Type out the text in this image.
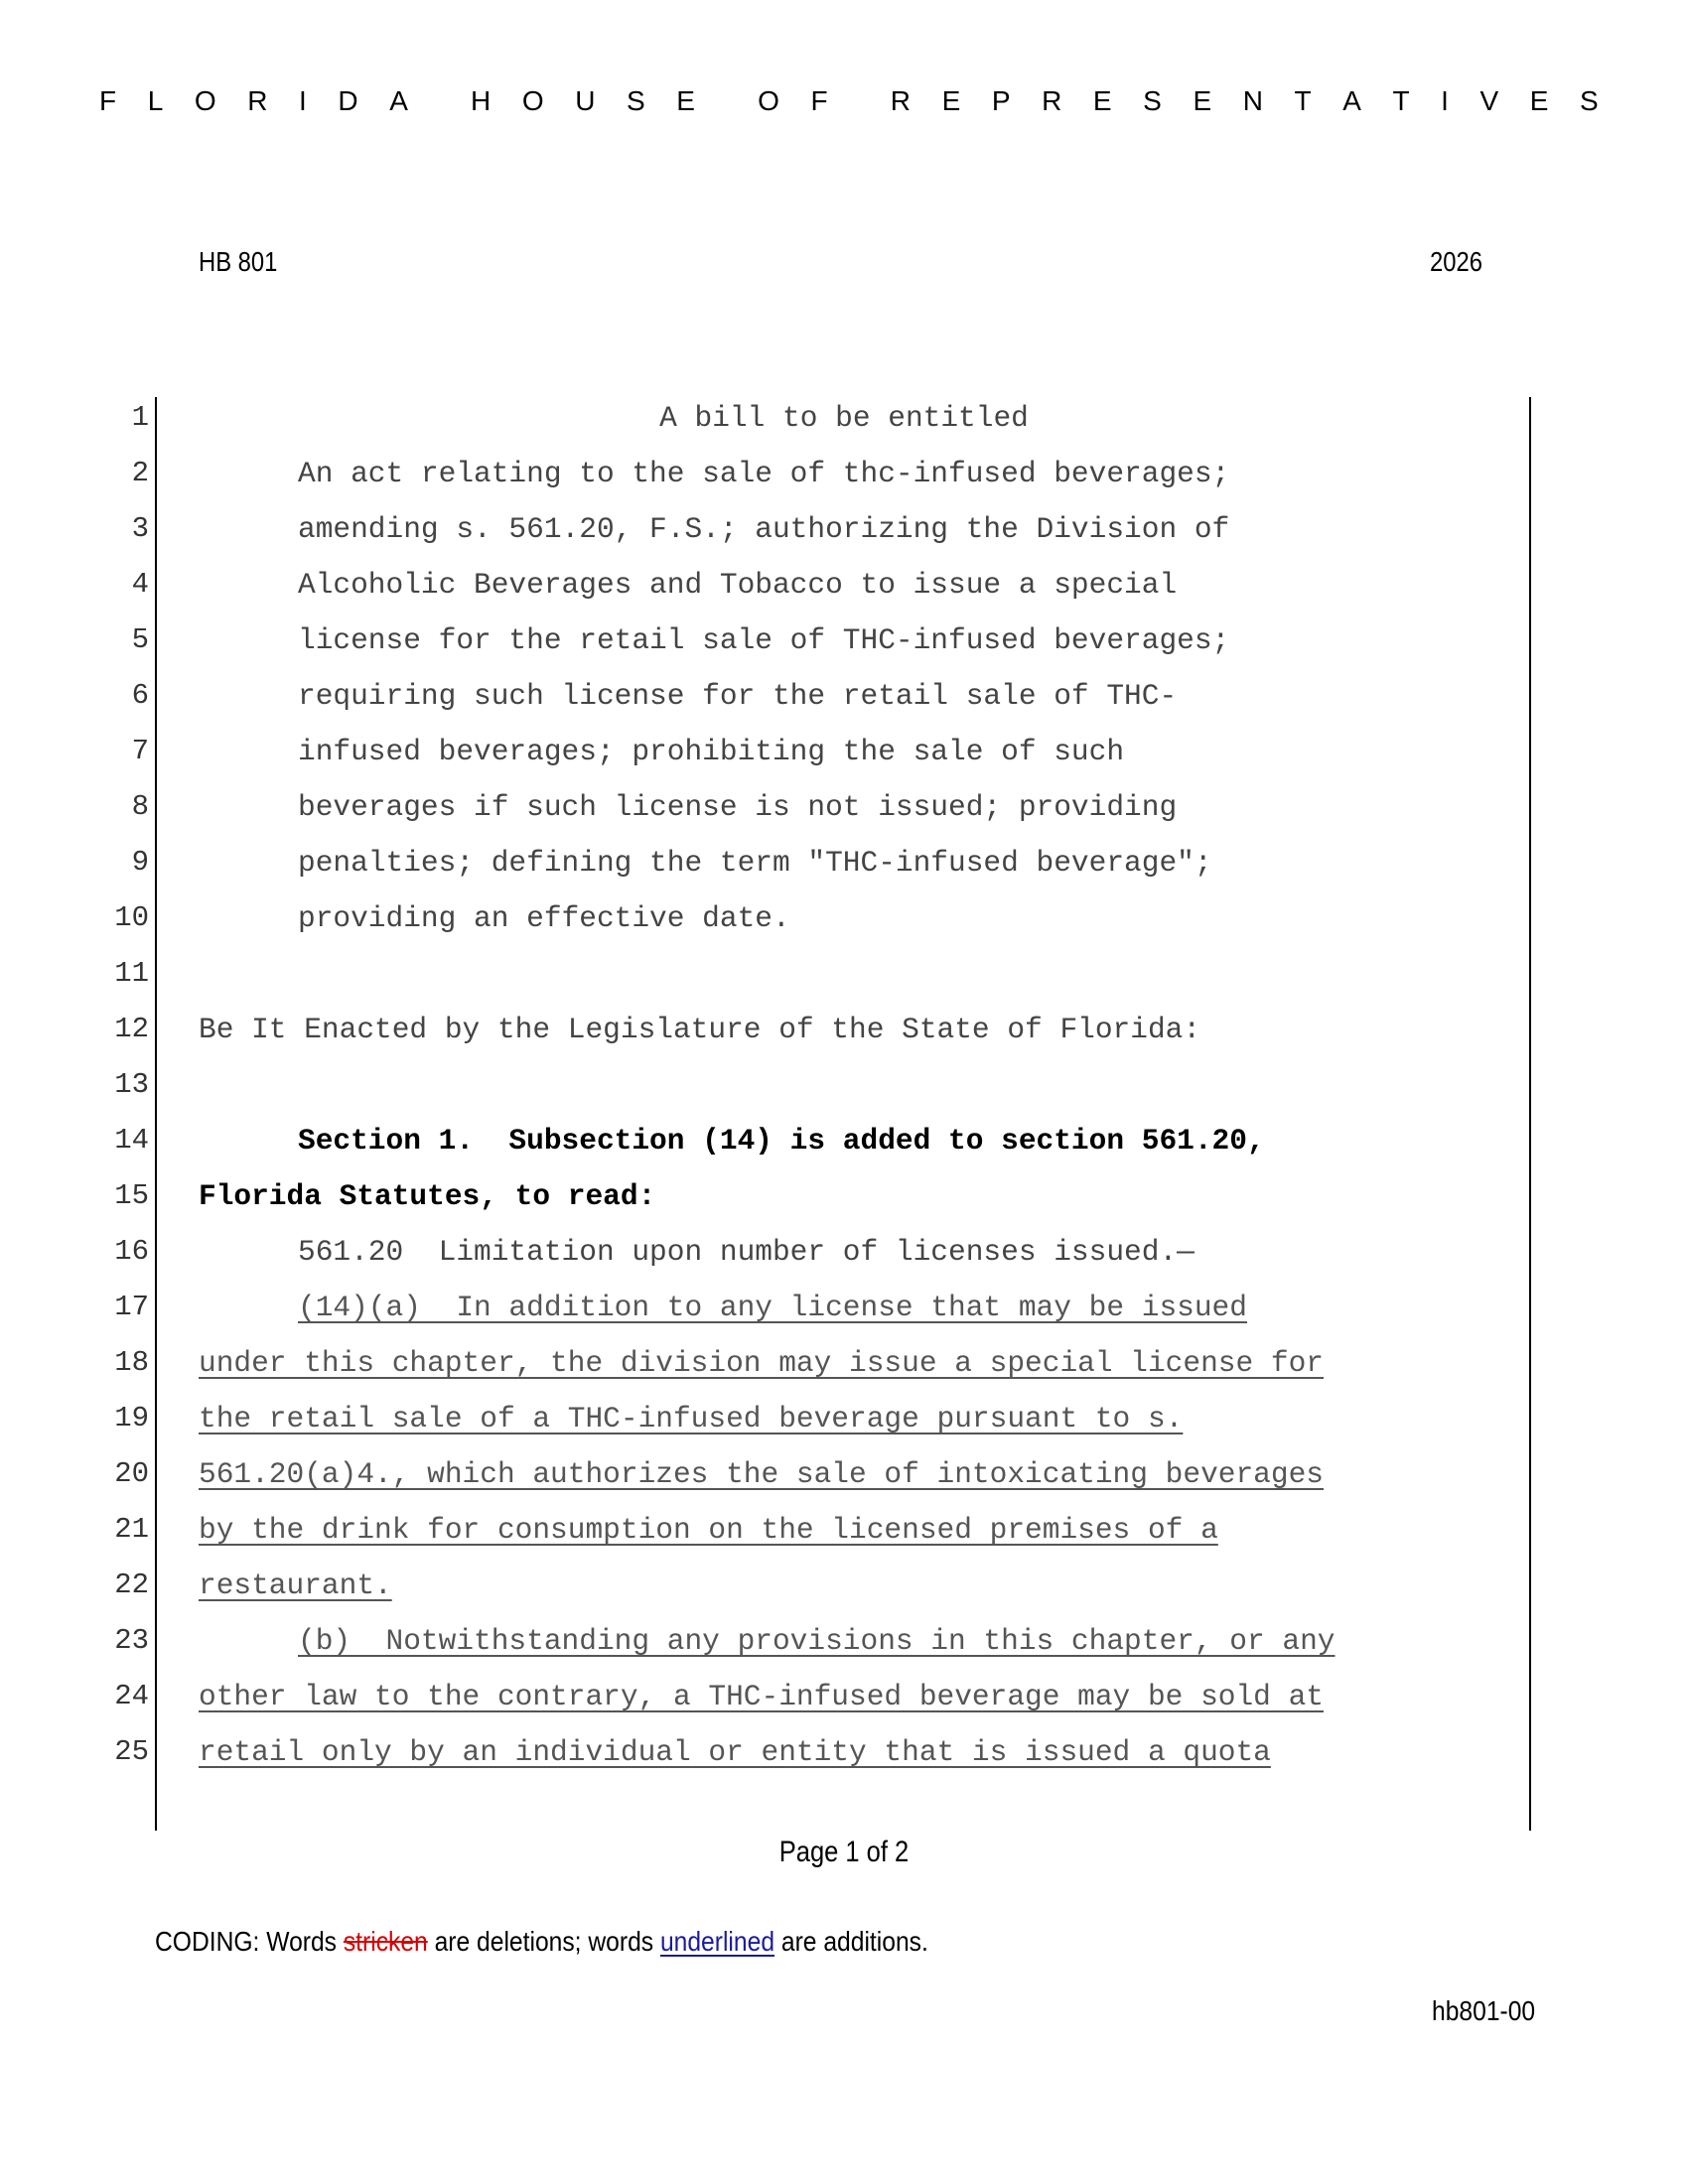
F L O R I D A H O U S E O F R E P R E S E N T A T I V E S
HB 801	2026
1	A bill to be entitled
2	An act relating to the sale of thc-infused beverages;
3	amending s. 561.20, F.S.; authorizing the Division of
4	Alcoholic Beverages and Tobacco to issue a special
5	license for the retail sale of THC-infused beverages;
6	requiring such license for the retail sale of THC-
7	infused beverages; prohibiting the sale of such
8	beverages if such license is not issued; providing
9	penalties; defining the term "THC-infused beverage";
10	providing an effective date.
11
12 Be It Enacted by the Legislature of the State of Florida:
13
14	Section 1.  Subsection (14) is added to section 561.20,
15 Florida Statutes, to read:
16	561.20  Limitation upon number of licenses issued.—
17	(14)(a)  In addition to any license that may be issued
18 under this chapter, the division may issue a special license for
19 the retail sale of a THC-infused beverage pursuant to s.
20 561.20(a)4., which authorizes the sale of intoxicating beverages
21 by the drink for consumption on the licensed premises of a
22 restaurant.
23	(b)  Notwithstanding any provisions in this chapter, or any
24 other law to the contrary, a THC-infused beverage may be sold at
25 retail only by an individual or entity that is issued a quota
Page 1 of 2
CODING: Words stricken are deletions; words underlined are additions.
hb801-00
